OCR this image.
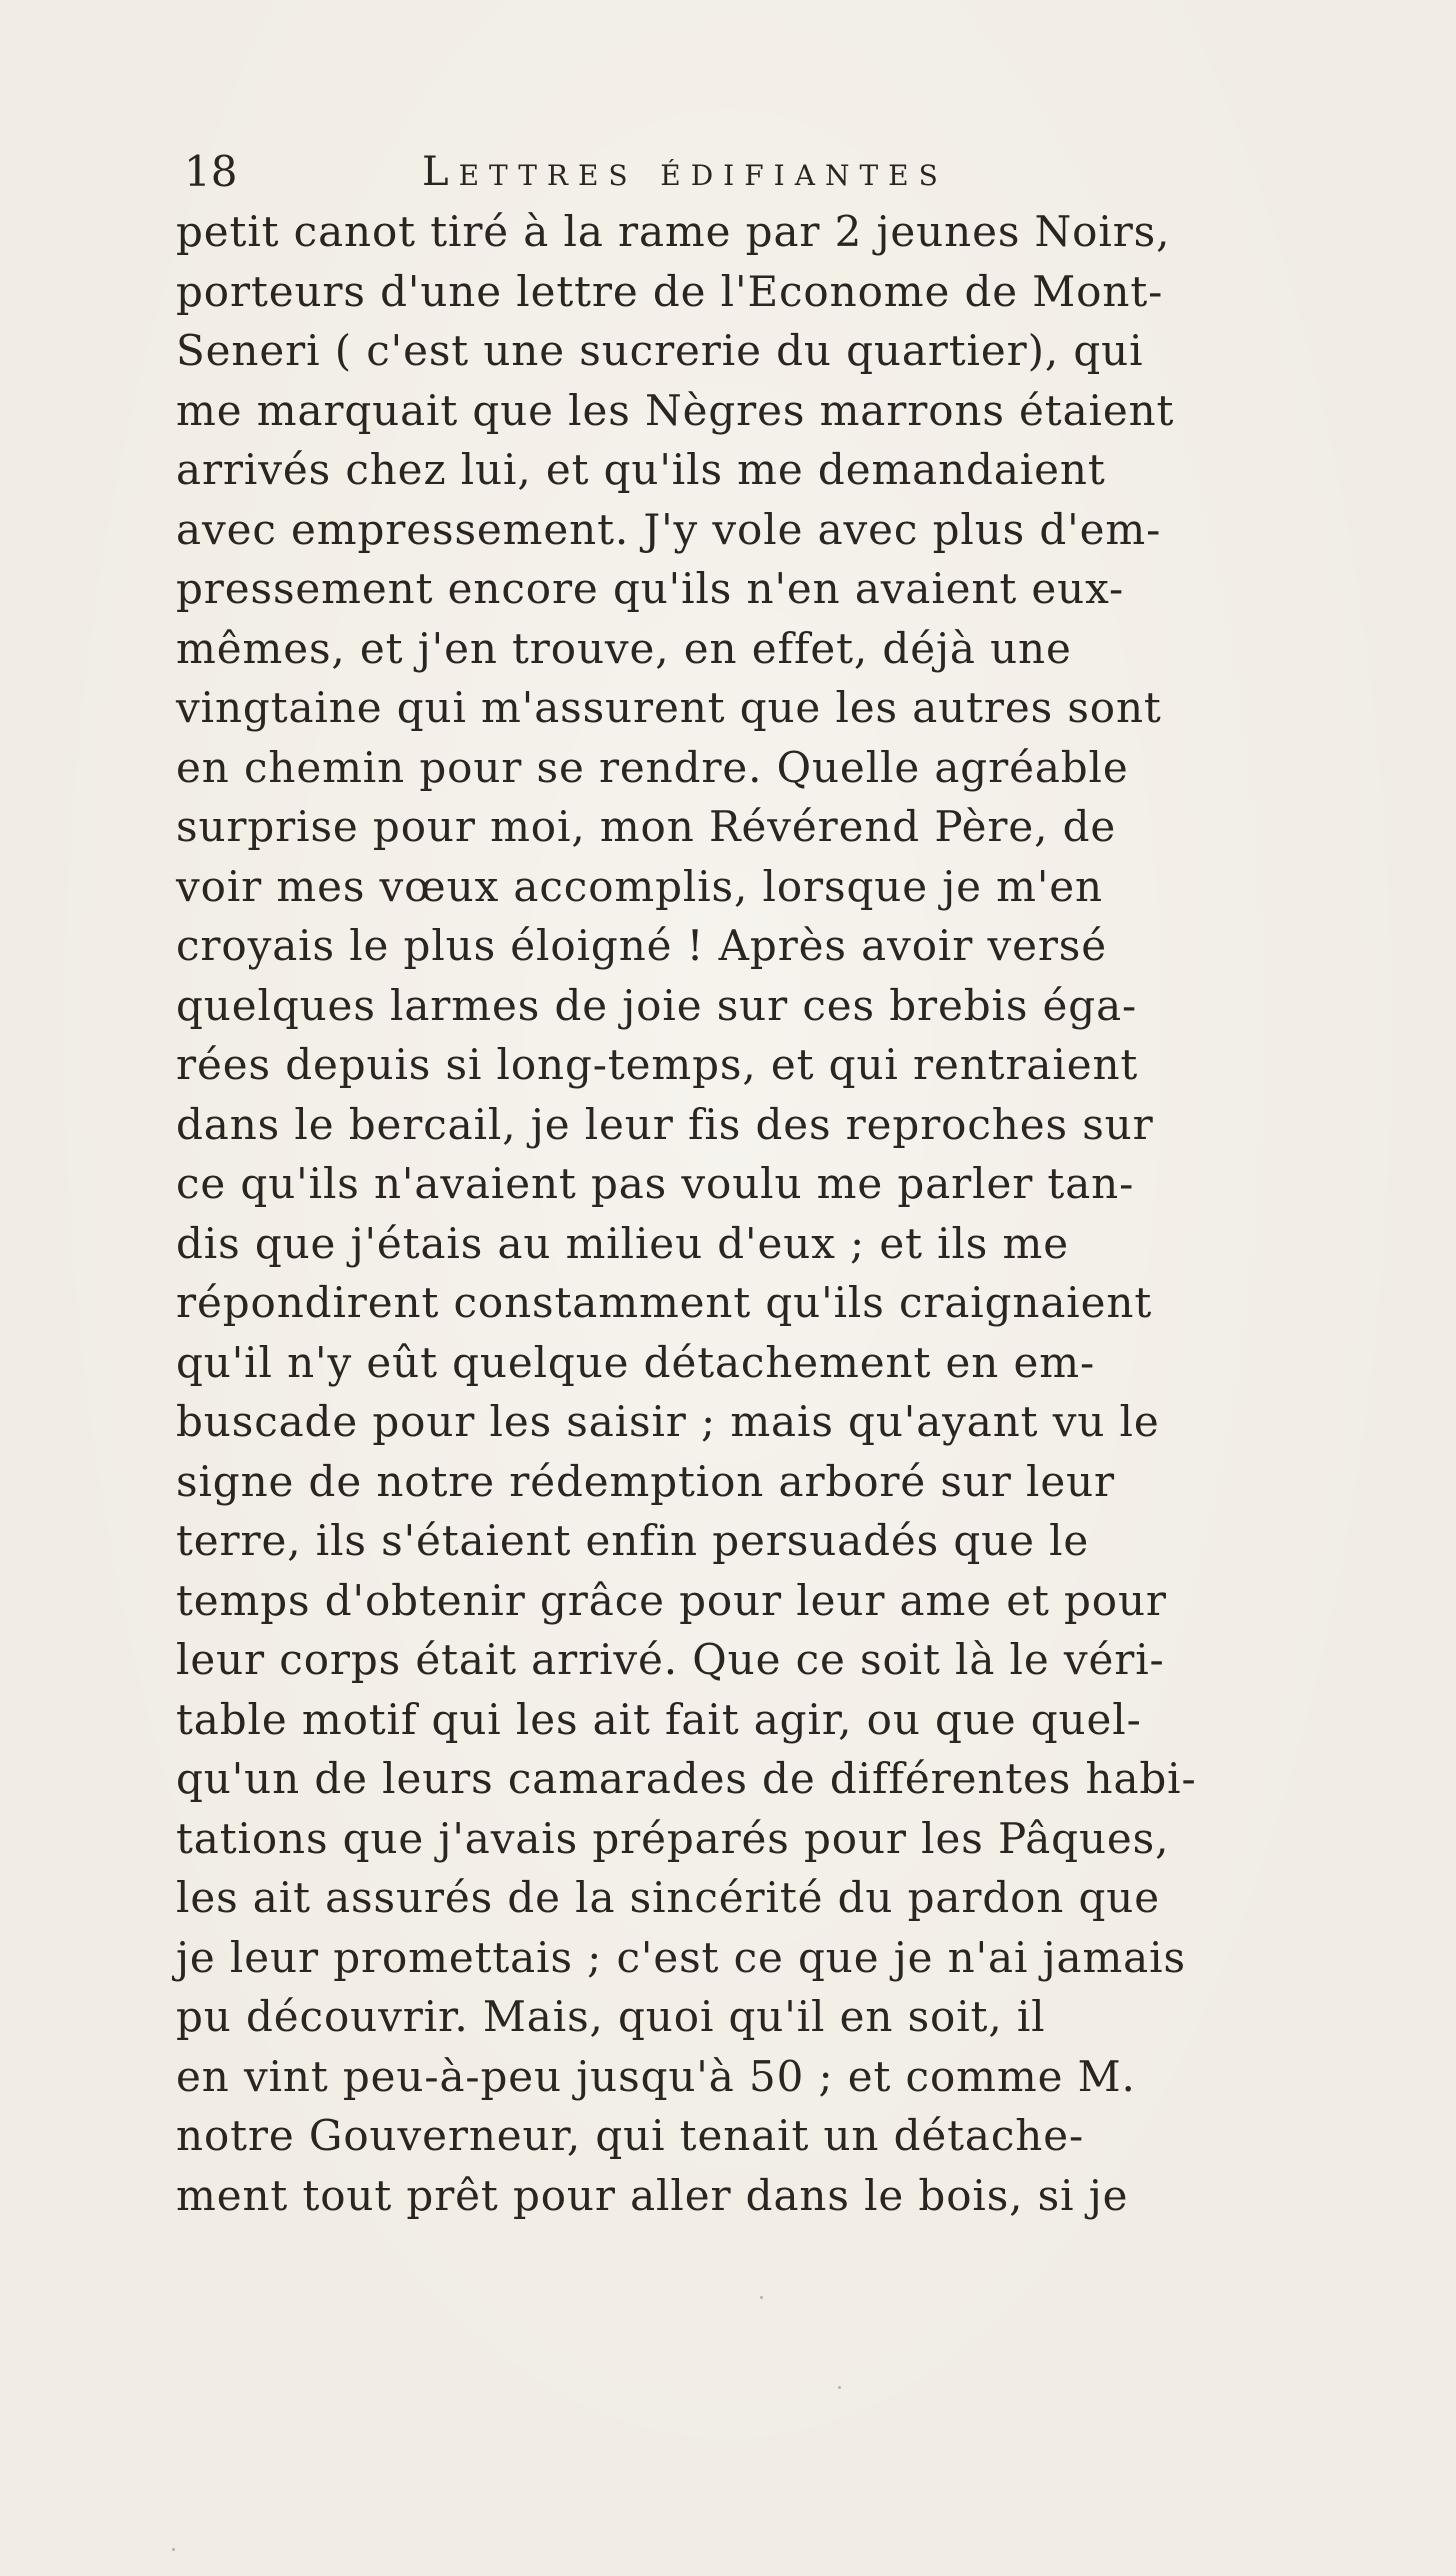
18	Lettres édifiantes
petit canot tiré à la rame par 2 jeunes Noirs,
porteurs d'une lettre de l'Econome de Mont-
Seneri ( c'est une sucrerie du quartier), qui
me marquait que les Nègres marrons étaient
arrivés chez lui, et qu'ils me demandaient
avec empressement. J'y vole avec plus d'em-
pressement encore qu'ils n'en avaient eux-
mêmes, et j'en trouve, en effet, déjà une
vingtaine qui m'assurent que les autres sont
en chemin pour se rendre. Quelle agréable
surprise pour moi, mon Révérend Père, de
voir mes vœux accomplis, lorsque je m'en
croyais le plus éloigné ! Après avoir versé
quelques larmes de joie sur ces brebis éga-
rées depuis si long-temps, et qui rentraient
dans le bercail, je leur fis des reproches sur
ce qu'ils n'avaient pas voulu me parler tan-
dis que j'étais au milieu d'eux ; et ils me
répondirent constamment qu'ils craignaient
qu'il n'y eût quelque détachement en em-
buscade pour les saisir ; mais qu'ayant vu le
signe de notre rédemption arboré sur leur
terre, ils s'étaient enfin persuadés que le
temps d'obtenir grâce pour leur ame et pour
leur corps était arrivé. Que ce soit là le véri-
table motif qui les ait fait agir, ou que quel-
qu'un de leurs camarades de différentes habi-
tations que j'avais préparés pour les Pâques,
les ait assurés de la sincérité du pardon que
je leur promettais ; c'est ce que je n'ai jamais
pu découvrir. Mais, quoi qu'il en soit, il
en vint peu-à-peu jusqu'à 50 ; et comme M.
notre Gouverneur, qui tenait un détache-
ment tout prêt pour aller dans le bois, si je
